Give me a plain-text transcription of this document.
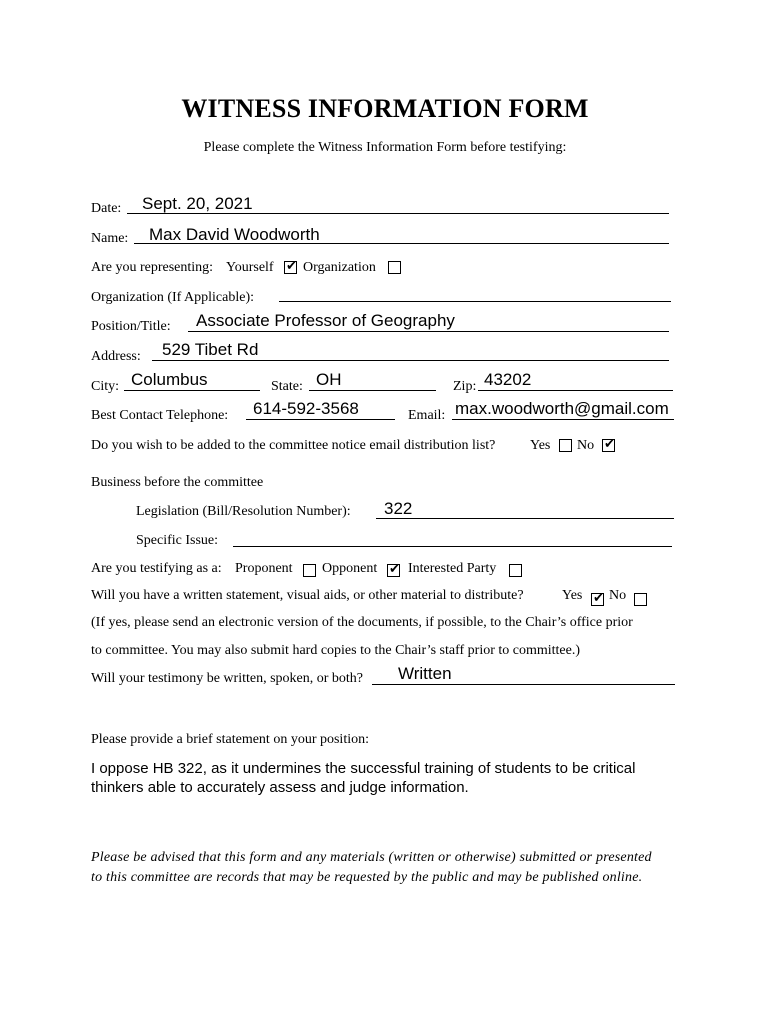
WITNESS INFORMATION FORM
Please complete the Witness Information Form before testifying:
Date: Sept. 20, 2021
Name: Max David Woodworth
Are you representing: Yourself ✔ Organization
Organization (If Applicable):
Position/Title: Associate Professor of Geography
Address: 529 Tibet Rd
City: Columbus	State: OH	Zip: 43202
Best Contact Telephone: 614-592-3568	Email: max.woodworth@gmail.com
Do you wish to be added to the committee notice email distribution list? Yes No ✔
Business before the committee
Legislation (Bill/Resolution Number): 322
Specific Issue:
Are you testifying as a: Proponent Opponent ✔ Interested Party
Will you have a written statement, visual aids, or other material to distribute?	Yes ✔ No
(If yes, please send an electronic version of the documents, if possible, to the Chair’s office prior
to committee. You may also submit hard copies to the Chair’s staff prior to committee.)
Will your testimony be written, spoken, or both? Written
Please provide a brief statement on your position:
I oppose HB 322, as it undermines the successful training of students to be critical
thinkers able to accurately assess and judge information.
Please be advised that this form and any materials (written or otherwise) submitted or presented
to this committee are records that may be requested by the public and may be published online.
